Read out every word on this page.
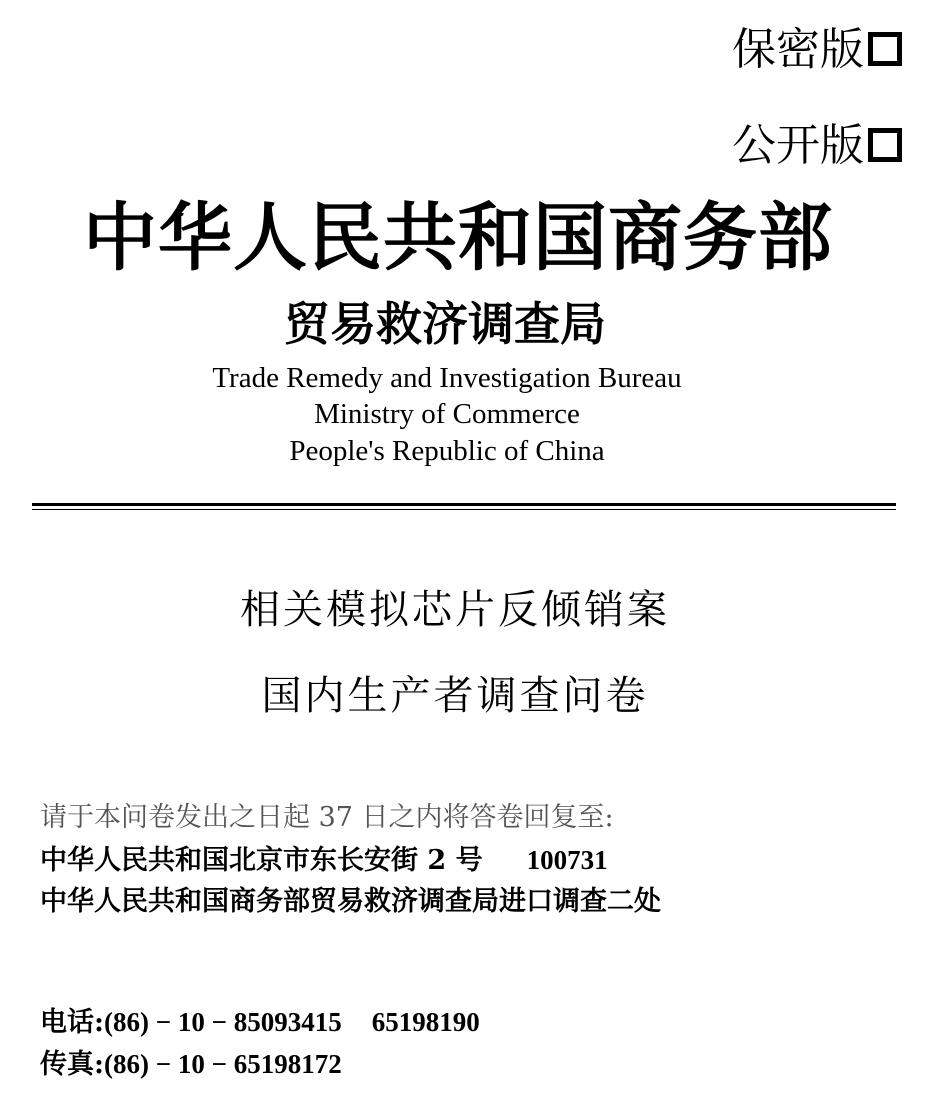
保密版
公开版
中华人民共和国商务部
贸易救济调查局
Trade Remedy and Investigation Bureau
Ministry of Commerce
People's Republic of China
相关模拟芯片反倾销案
国内生产者调查问卷
请于本问卷发出之日起 37 日之内将答卷回复至:
中华人民共和国北京市东长安街 2 号 100731
中华人民共和国商务部贸易救济调查局进口调查二处
电话:(86) − 10 − 85093415 65198190
传真:(86) − 10 − 65198172
